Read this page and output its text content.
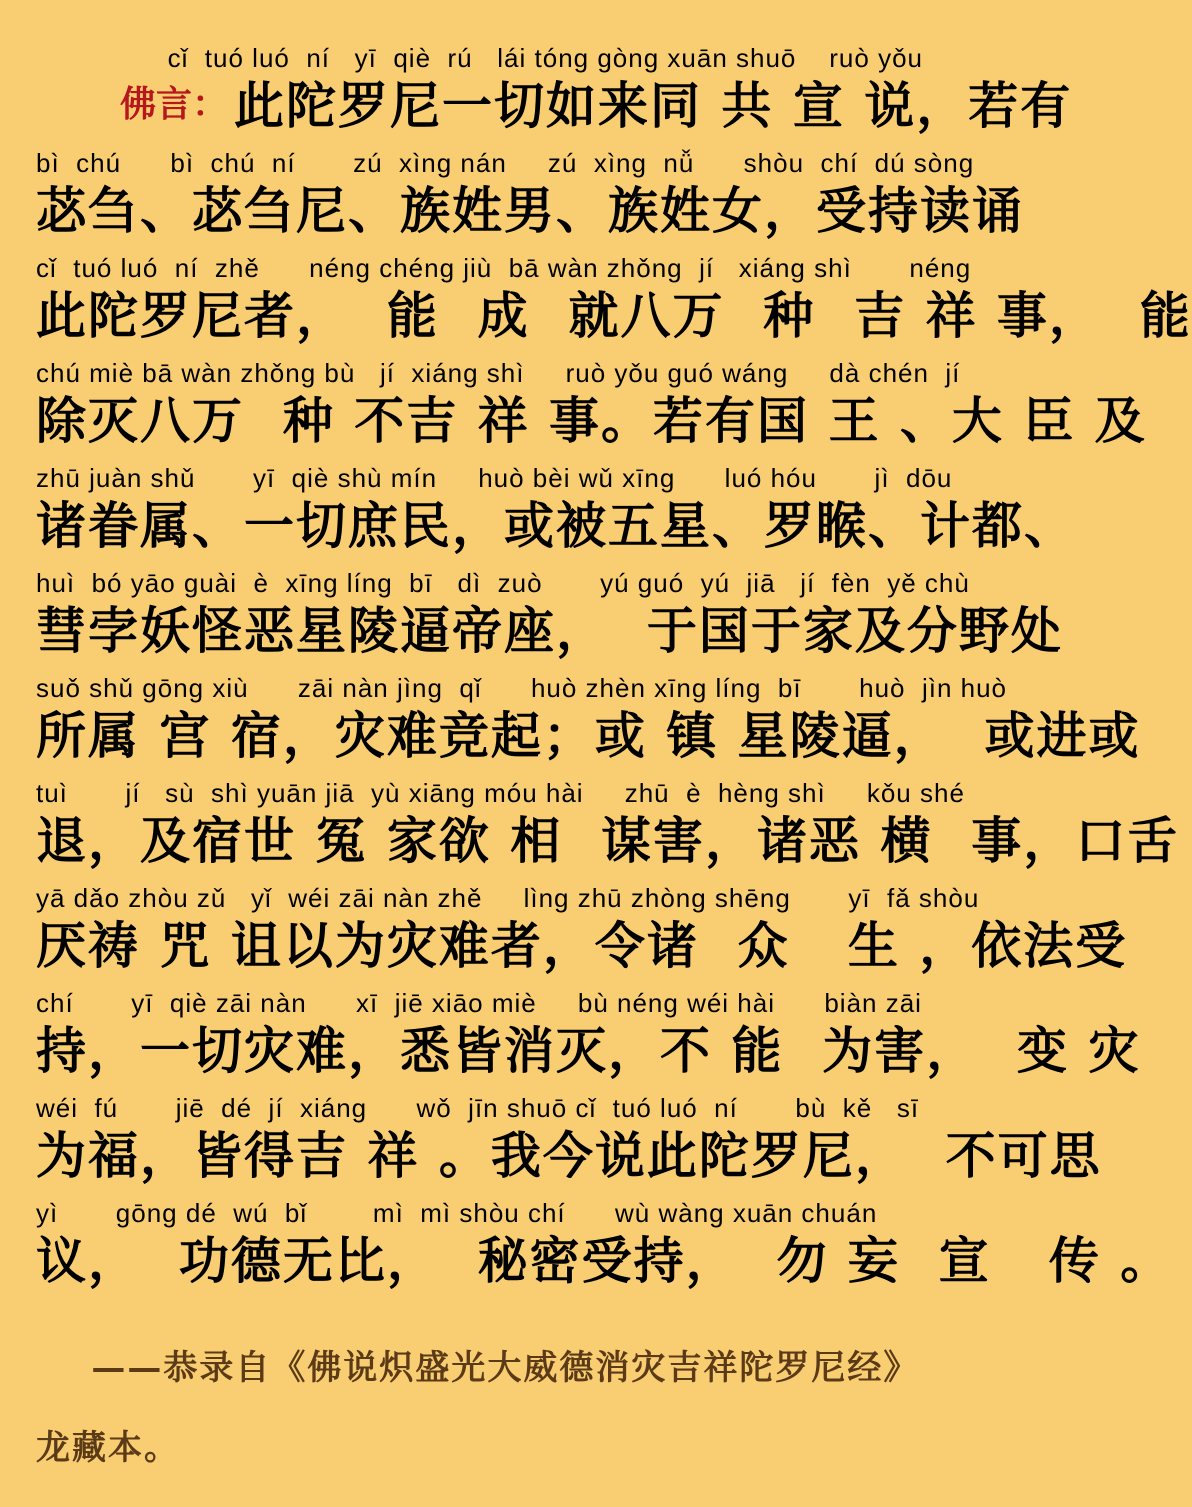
cǐ  tuó luó  ní   yī  qiè  rú   lái tóng gòng xuān shuō    ruò yǒu
此陀罗尼一切如来同 共 宣 说，若有
bì  chú      bì  chú  ní       zú  xìng nán     zú  xìng  nǚ      shòu  chí  dú sòng
苾刍、苾刍尼、族姓男、族姓女，受持读诵
cǐ  tuó luó  ní  zhě      néng chéng jiù  bā wàn zhǒng  jí   xiáng shì       néng
此陀罗尼者，  能  成  就八万  种  吉 祥 事，  能
chú miè bā wàn zhǒng bù   jí  xiáng shì     ruò yǒu guó wáng     dà chén  jí
除灭八万  种 不吉 祥 事。若有国 王 、大 臣 及
zhū juàn shǔ       yī  qiè shù mín     huò bèi wǔ xīng      luó hóu       jì  dōu
诸眷属、一切庶民，或被五星、罗睺、计都、
huì  bó yāo guài  è  xīng líng  bī   dì  zuò       yú guó  yú  jiā   jí  fèn  yě chù
彗孛妖怪恶星陵逼帝座，  于国于家及分野处
suǒ shǔ gōng xiù      zāi nàn jìng  qǐ      huò zhèn xīng líng  bī       huò  jìn huò
所属 宫 宿，灾难竞起；或 镇 星陵逼，  或进或
tuì       jí   sù  shì yuān jiā  yù xiāng móu hài     zhū  è  hèng shì     kǒu shé
退，及宿世 冤 家欲 相  谋害，诸恶 横  事，口舌
yā dǎo zhòu zǔ   yǐ  wéi zāi nàn zhě     lìng zhū zhòng shēng       yī  fǎ shòu
厌祷 咒 诅以为灾难者，令诸  众   生 ，依法受
chí       yī  qiè zāi nàn      xī  jiē xiāo miè     bù néng wéi hài      biàn zāi
持，一切灾难，悉皆消灭，不 能  为害，  变 灾
wéi  fú       jiē  dé  jí  xiáng      wǒ  jīn shuō cǐ  tuó luó  ní       bù  kě   sī
为福，皆得吉 祥 。我今说此陀罗尼，  不可思
yì       gōng dé  wú  bǐ        mì  mì shòu chí      wù wàng xuān chuán
议，  功德无比，  秘密受持，  勿 妄  宣   传 。
——恭录自《佛说炽盛光大威德消灾吉祥陀罗尼经》
龙藏本。
佛言：
